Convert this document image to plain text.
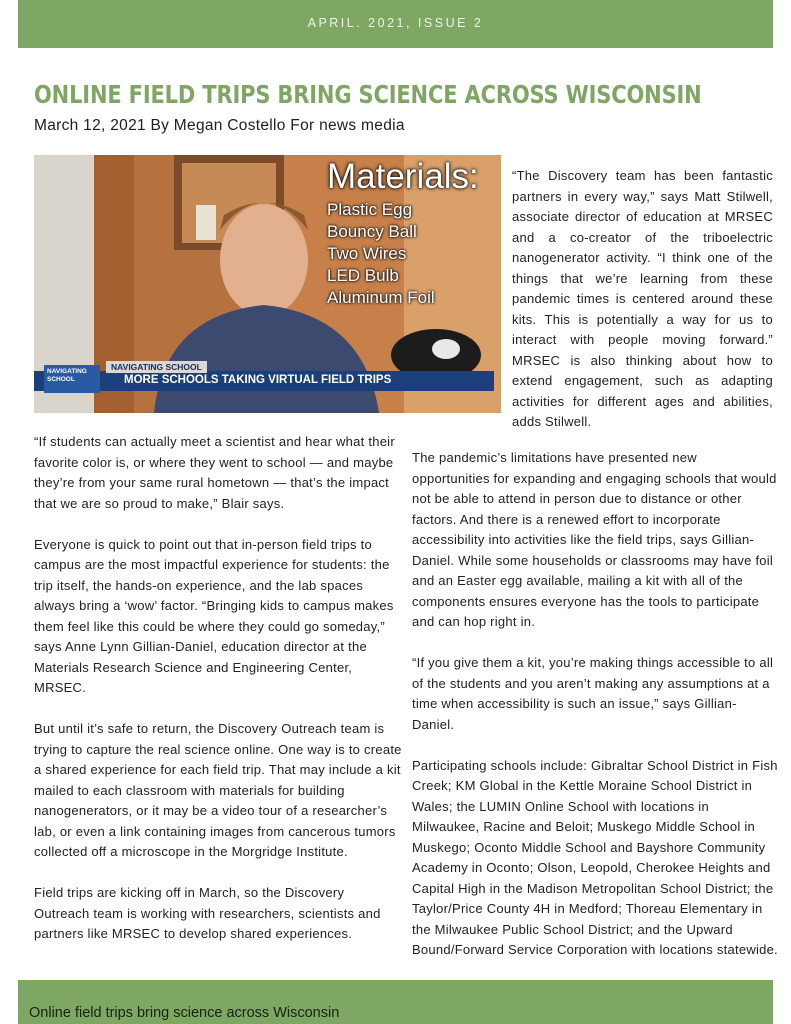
APRIL. 2021, ISSUE 2
ONLINE FIELD TRIPS BRING SCIENCE ACROSS WISCONSIN
March 12, 2021 By Megan Costello For news media
Materials:
Plastic Egg
Bouncy Ball
Two Wires
LED Bulb
Aluminum Foil
NAVIGATING SCHOOL
NAVIGATING SCHOOL
MORE SCHOOLS TAKING VIRTUAL FIELD TRIPS

“The Discovery team has been fantastic partners in every way,” says Matt Stilwell, associate director of education at MRSEC and a co-creator of the triboelectric nanogenerator activity. “I think one of the things that we’re learning from these pandemic times is centered around these kits. This is potentially a way for us to interact with people moving forward.” MRSEC is also thinking about how to extend engagement, such as adapting activities for different ages and abilities, adds Stilwell.

“If students can actually meet a scientist and hear what their favorite color is, or where they went to school — and maybe they’re from your same rural hometown — that’s the impact that we are so proud to make,” Blair says.

Everyone is quick to point out that in-person field trips to campus are the most impactful experience for students: the trip itself, the hands-on experience, and the lab spaces always bring a ‘wow’ factor. “Bringing kids to campus makes them feel like this could be where they could go someday,” says Anne Lynn Gillian-Daniel, education director at the Materials Research Science and Engineering Center, MRSEC.

But until it’s safe to return, the Discovery Outreach team is trying to capture the real science online. One way is to create a shared experience for each field trip. That may include a kit mailed to each classroom with materials for building nanogenerators, or it may be a video tour of a researcher’s lab, or even a link containing images from cancerous tumors collected off a microscope in the Morgridge Institute.

Field trips are kicking off in March, so the Discovery Outreach team is working with researchers, scientists and partners like MRSEC to develop shared experiences.

The pandemic’s limitations have presented new opportunities for expanding and engaging schools that would not be able to attend in person due to distance or other factors. And there is a renewed effort to incorporate accessibility into activities like the field trips, says Gillian-Daniel. While some households or classrooms may have foil and an Easter egg available, mailing a kit with all of the components ensures everyone has the tools to participate and can hop right in.

“If you give them a kit, you’re making things accessible to all of the students and you aren’t making any assumptions at a time when accessibility is such an issue,” says Gillian-Daniel.

Participating schools include: Gibraltar School District in Fish Creek; KM Global in the Kettle Moraine School District in Wales; the LUMIN Online School with locations in Milwaukee, Racine and Beloit; Muskego Middle School in Muskego; Oconto Middle School and Bayshore Community Academy in Oconto; Olson, Leopold, Cherokee Heights and Capital High in the Madison Metropolitan School District; the Taylor/Price County 4H in Medford; Thoreau Elementary in the Milwaukee Public School District; and the Upward Bound/Forward Service Corporation with locations statewide.

Online field trips bring science across Wisconsin
